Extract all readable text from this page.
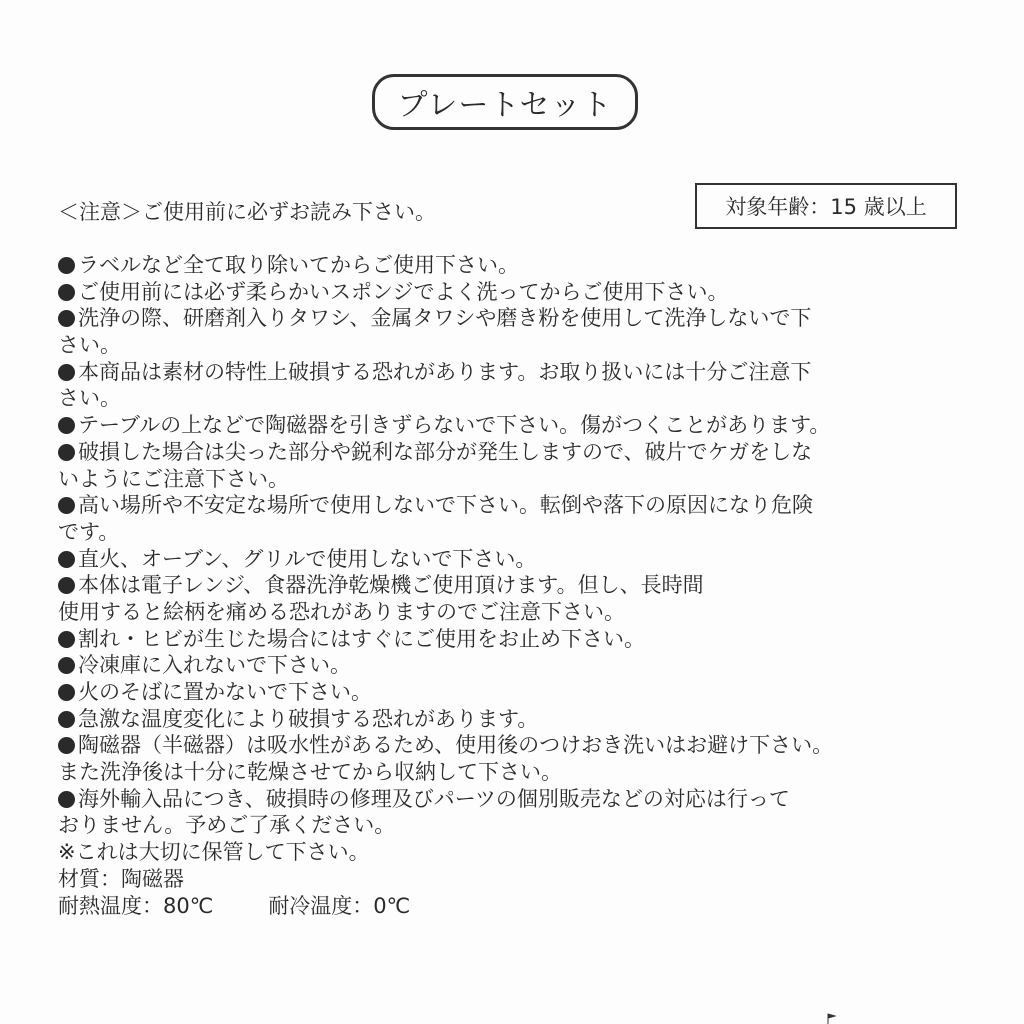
プレートセット
＜注意＞ご使用前に必ずお読み下さい。	対象年齢：15 歳以上
ラベルなど全て取り除いてからご使用下さい。
ご使用前には必ず柔らかいスポンジでよく洗ってからご使用下さい。
洗浄の際、研磨剤入りタワシ、金属タワシや磨き粉を使用して洗浄しないで下
さい。
本商品は素材の特性上破損する恐れがあります。お取り扱いには十分ご注意下
さい。
テーブルの上などで陶磁器を引きずらないで下さい。傷がつくことがあります。
破損した場合は尖った部分や鋭利な部分が発生しますので、破片でケガをしな
いようにご注意下さい。
高い場所や不安定な場所で使用しないで下さい。転倒や落下の原因になり危険
です。
直火、オーブン、グリルで使用しないで下さい。
本体は電子レンジ、食器洗浄乾燥機ご使用頂けます。但し、長時間
使用すると絵柄を痛める恐れがありますのでご注意下さい。
割れ・ヒビが生じた場合にはすぐにご使用をお止め下さい。
冷凍庫に入れないで下さい。
火のそばに置かないで下さい。
急激な温度変化により破損する恐れがあります。
陶磁器（半磁器）は吸水性があるため、使用後のつけおき洗いはお避け下さい。
また洗浄後は十分に乾燥させてから収納して下さい。
海外輸入品につき、破損時の修理及びパーツの個別販売などの対応は行って
おりません。予めご了承ください。
※これは大切に保管して下さい。
材質：陶磁器
耐熱温度：80℃	耐冷温度：0℃
